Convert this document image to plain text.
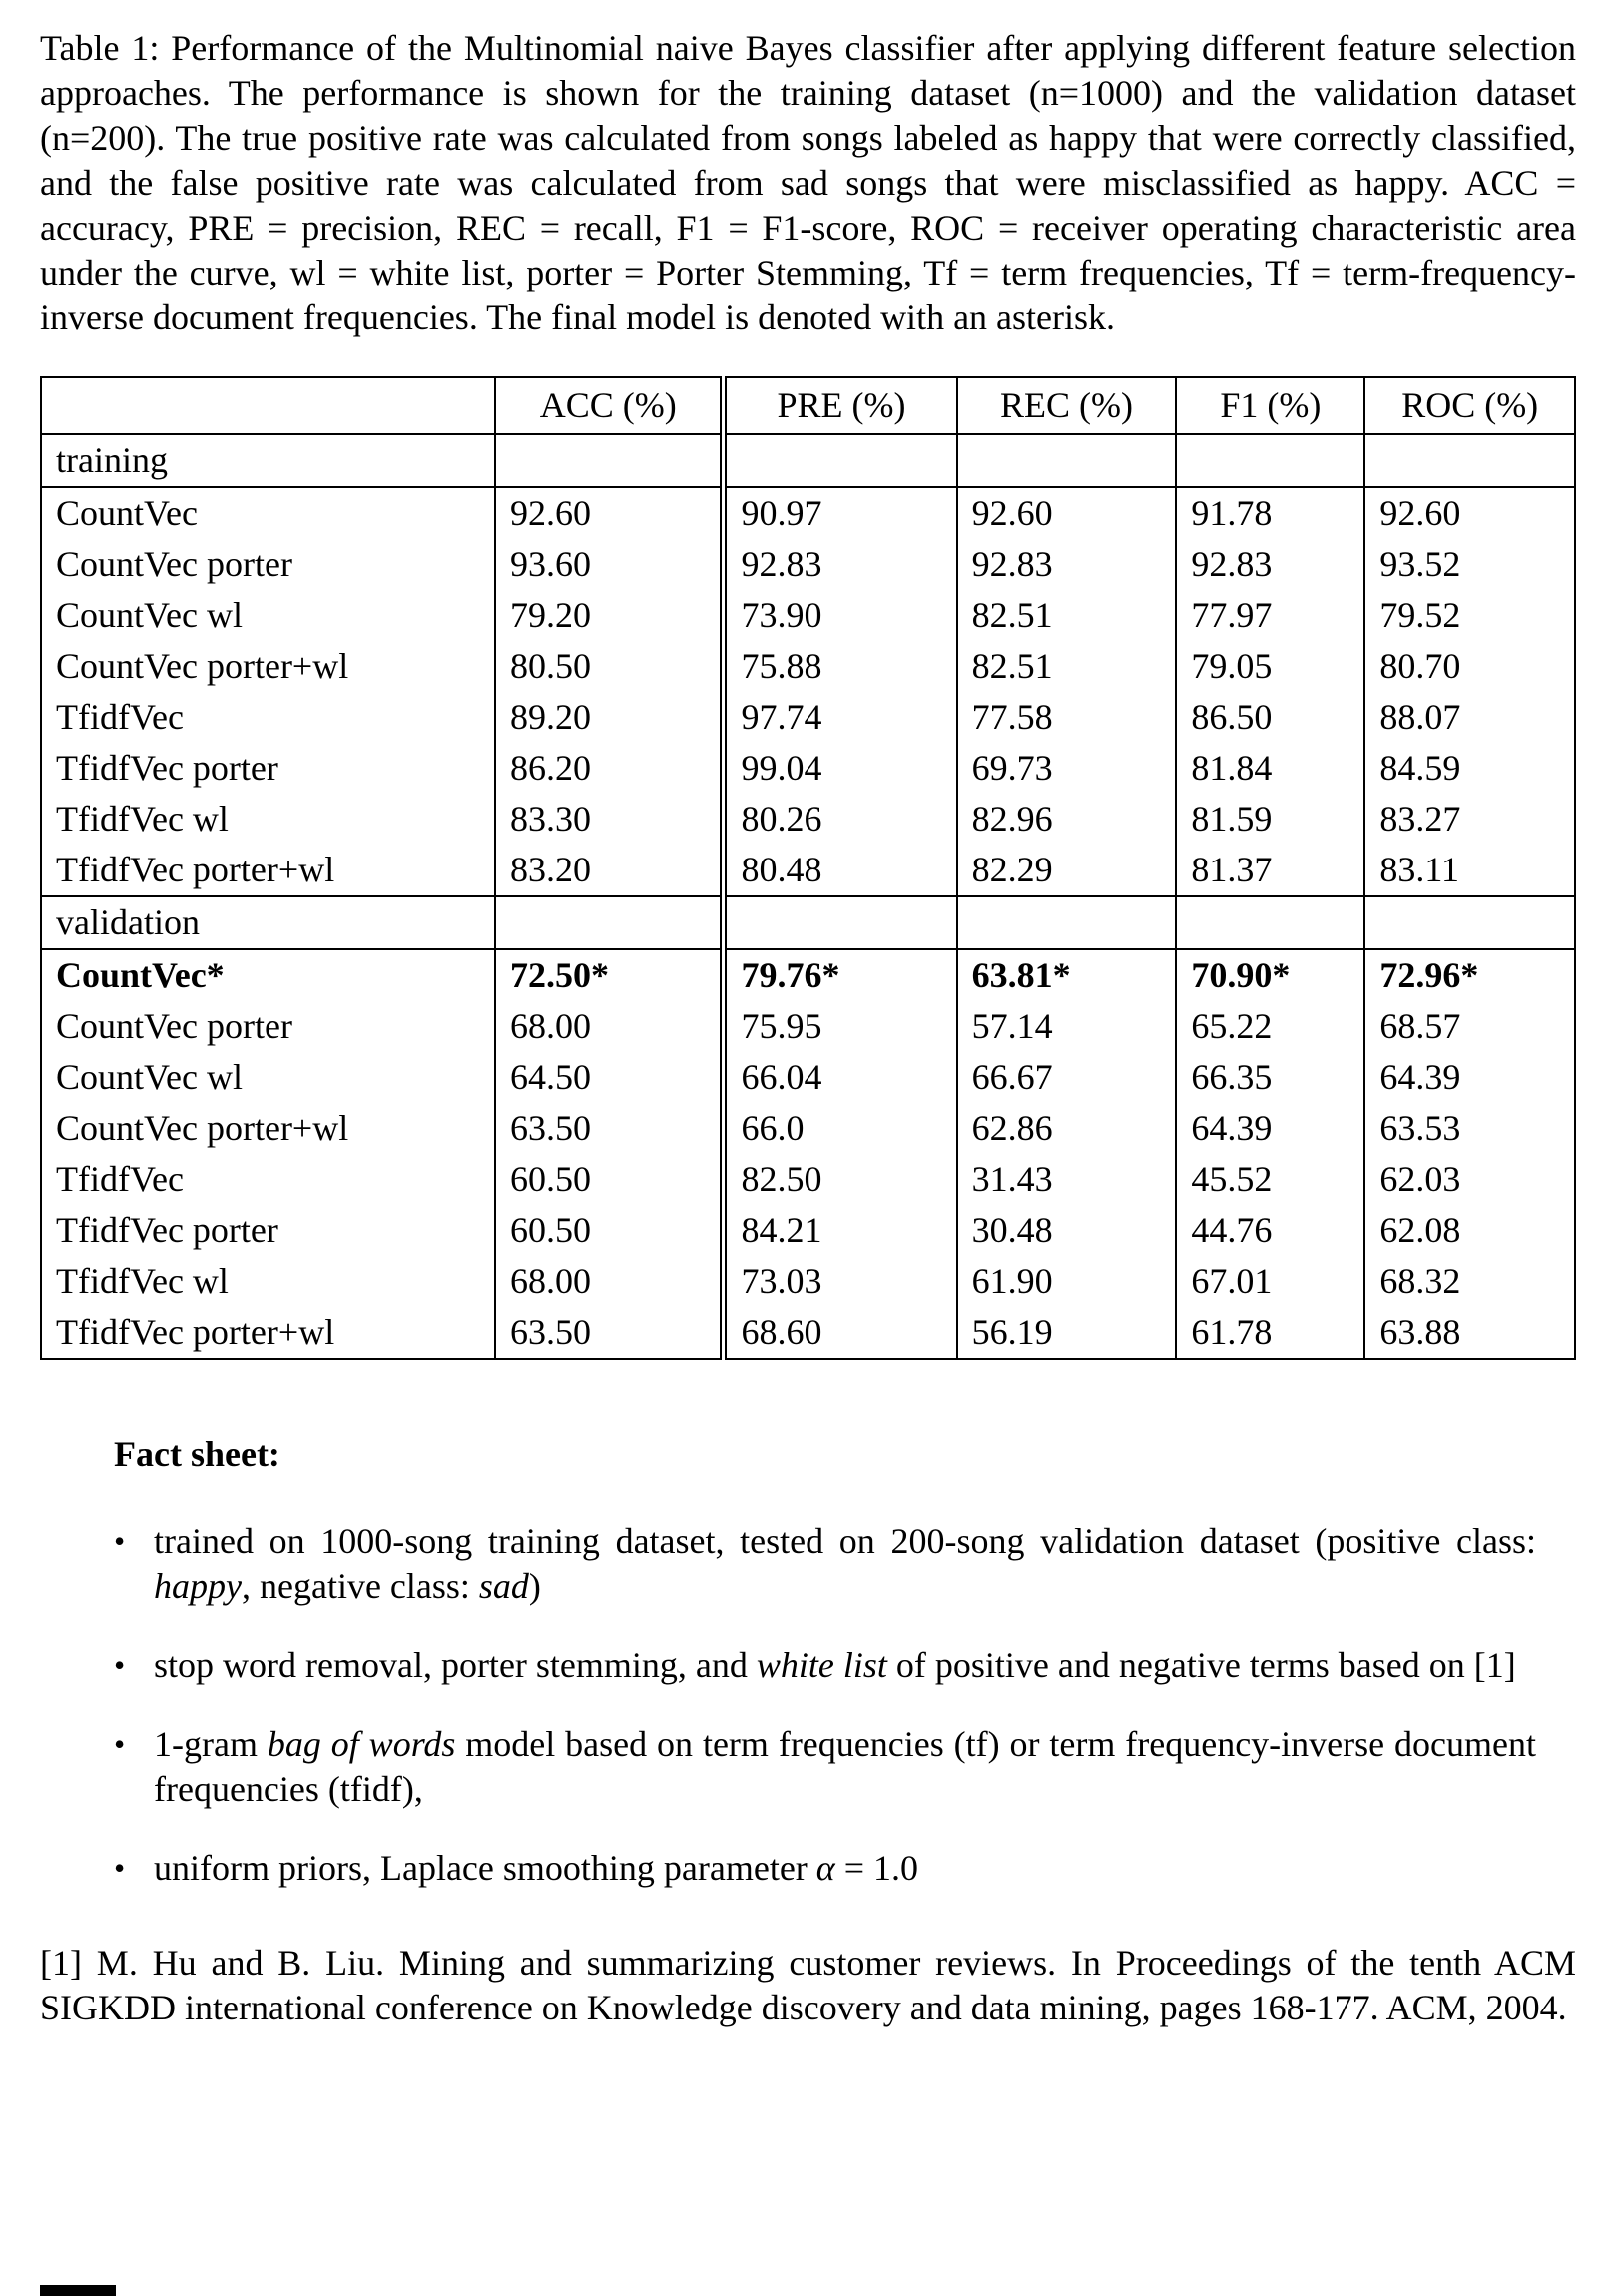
Table 1: Performance of the Multinomial naive Bayes classifier after applying different feature selection approaches. The performance is shown for the training dataset (n=1000) and the validation dataset (n=200). The true positive rate was calculated from songs labeled as happy that were correctly classified, and the false positive rate was calculated from sad songs that were misclassified as happy. ACC = accuracy, PRE = precision, REC = recall, F1 = F1-score, ROC = receiver operating characteristic area under the curve, wl = white list, porter = Porter Stemming, Tf = term frequencies, Tf = term-frequency-inverse document frequencies. The final model is denoted with an asterisk.

	ACC (%)	PRE (%)	REC (%)	F1 (%)	ROC (%)
training					
CountVec	92.60	90.97	92.60	91.78	92.60
CountVec porter	93.60	92.83	92.83	92.83	93.52
CountVec wl	79.20	73.90	82.51	77.97	79.52
CountVec porter+wl	80.50	75.88	82.51	79.05	80.70
TfidfVec	89.20	97.74	77.58	86.50	88.07
TfidfVec porter	86.20	99.04	69.73	81.84	84.59
TfidfVec wl	83.30	80.26	82.96	81.59	83.27
TfidfVec porter+wl	83.20	80.48	82.29	81.37	83.11
validation					
CountVec*	72.50*	79.76*	63.81*	70.90*	72.96*
CountVec porter	68.00	75.95	57.14	65.22	68.57
CountVec wl	64.50	66.04	66.67	66.35	64.39
CountVec porter+wl	63.50	66.0	62.86	64.39	63.53
TfidfVec	60.50	82.50	31.43	45.52	62.03
TfidfVec porter	60.50	84.21	30.48	44.76	62.08
TfidfVec wl	68.00	73.03	61.90	67.01	68.32
TfidfVec porter+wl	63.50	68.60	56.19	61.78	63.88

Fact sheet:

• trained on 1000-song training dataset, tested on 200-song validation dataset (positive class: happy, negative class: sad)
• stop word removal, porter stemming, and white list of positive and negative terms based on [1]
• 1-gram bag of words model based on term frequencies (tf) or term frequency-inverse document frequencies (tfidf),
• uniform priors, Laplace smoothing parameter α = 1.0

[1] M. Hu and B. Liu. Mining and summarizing customer reviews. In Proceedings of the tenth ACM SIGKDD international conference on Knowledge discovery and data mining, pages 168-177. ACM, 2004.
